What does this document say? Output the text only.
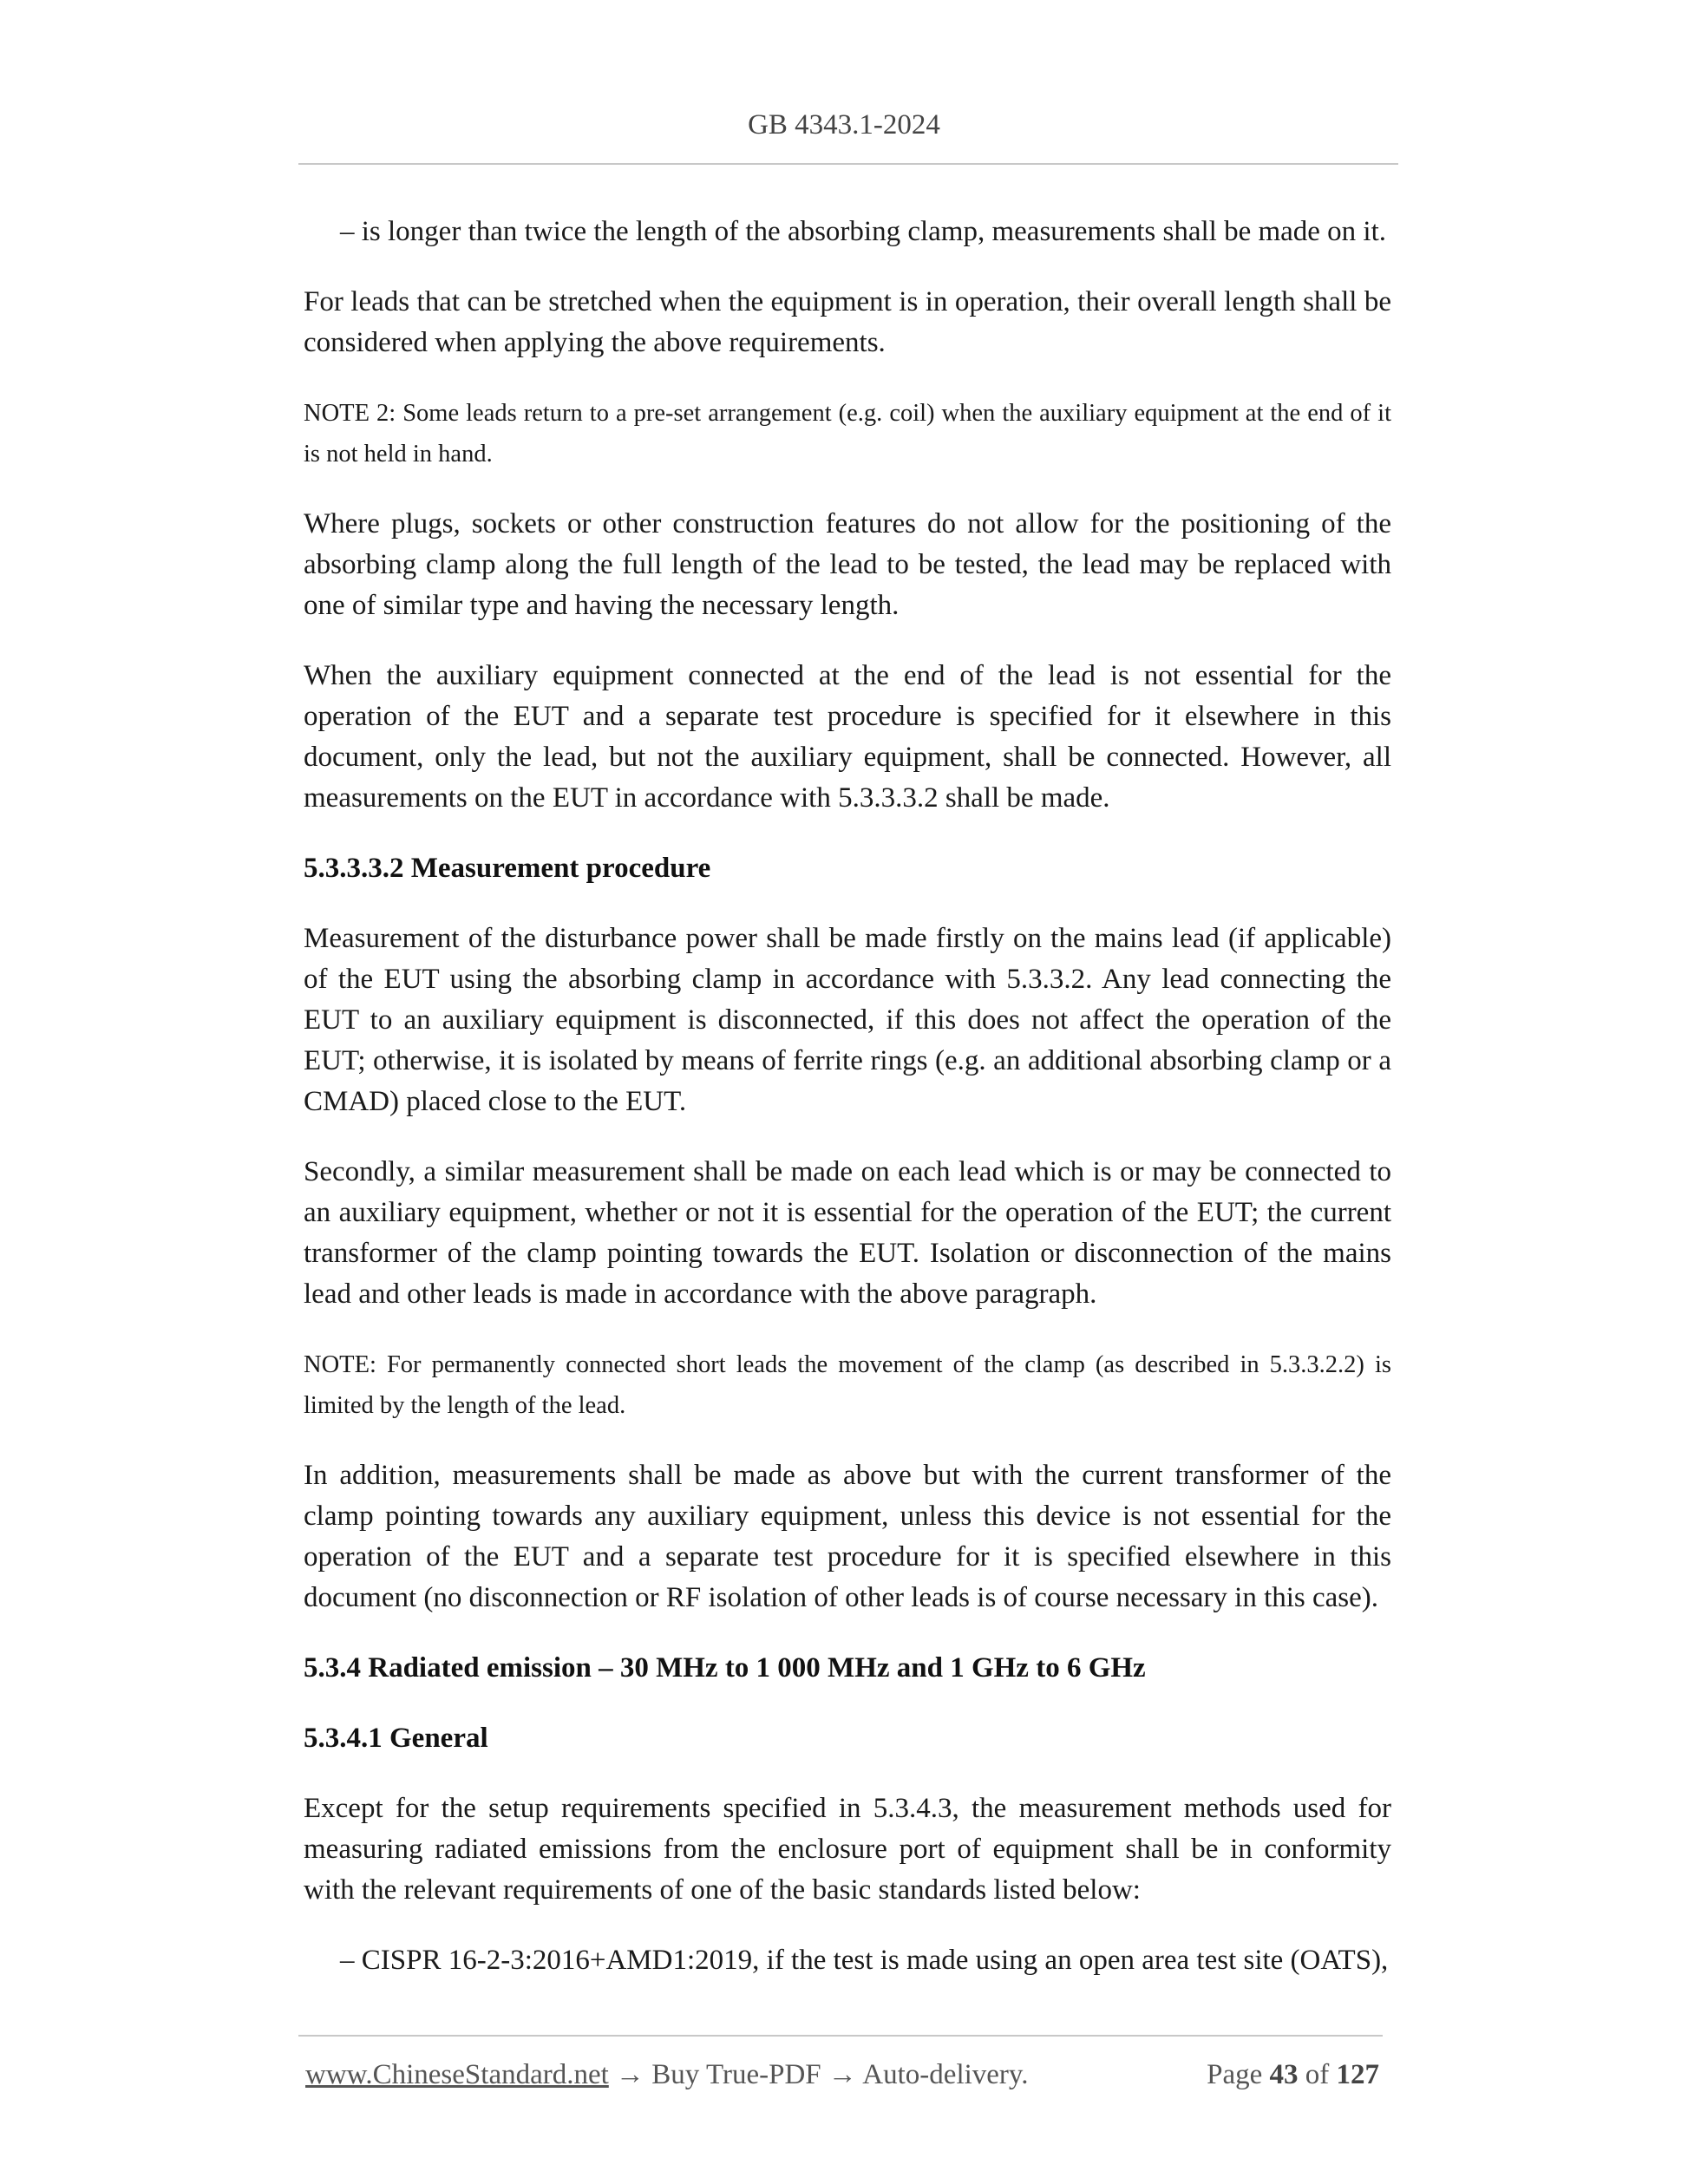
GB 4343.1-2024

– is longer than twice the length of the absorbing clamp, measurements shall be made on it.

For leads that can be stretched when the equipment is in operation, their overall length shall be considered when applying the above requirements.

NOTE 2: Some leads return to a pre-set arrangement (e.g. coil) when the auxiliary equipment at the end of it is not held in hand.

Where plugs, sockets or other construction features do not allow for the positioning of the absorbing clamp along the full length of the lead to be tested, the lead may be replaced with one of similar type and having the necessary length.

When the auxiliary equipment connected at the end of the lead is not essential for the operation of the EUT and a separate test procedure is specified for it elsewhere in this document, only the lead, but not the auxiliary equipment, shall be connected. However, all measurements on the EUT in accordance with 5.3.3.3.2 shall be made.

5.3.3.3.2 Measurement procedure

Measurement of the disturbance power shall be made firstly on the mains lead (if applicable) of the EUT using the absorbing clamp in accordance with 5.3.3.2. Any lead connecting the EUT to an auxiliary equipment is disconnected, if this does not affect the operation of the EUT; otherwise, it is isolated by means of ferrite rings (e.g. an additional absorbing clamp or a CMAD) placed close to the EUT.

Secondly, a similar measurement shall be made on each lead which is or may be connected to an auxiliary equipment, whether or not it is essential for the operation of the EUT; the current transformer of the clamp pointing towards the EUT. Isolation or disconnection of the mains lead and other leads is made in accordance with the above paragraph.

NOTE: For permanently connected short leads the movement of the clamp (as described in 5.3.3.2.2) is limited by the length of the lead.

In addition, measurements shall be made as above but with the current transformer of the clamp pointing towards any auxiliary equipment, unless this device is not essential for the operation of the EUT and a separate test procedure for it is specified elsewhere in this document (no disconnection or RF isolation of other leads is of course necessary in this case).

5.3.4 Radiated emission – 30 MHz to 1 000 MHz and 1 GHz to 6 GHz

5.3.4.1 General

Except for the setup requirements specified in 5.3.4.3, the measurement methods used for measuring radiated emissions from the enclosure port of equipment shall be in conformity with the relevant requirements of one of the basic standards listed below:

– CISPR 16-2-3:2016+AMD1:2019, if the test is made using an open area test site (OATS),

www.ChineseStandard.net → Buy True-PDF → Auto-delivery.	Page 43 of 127
